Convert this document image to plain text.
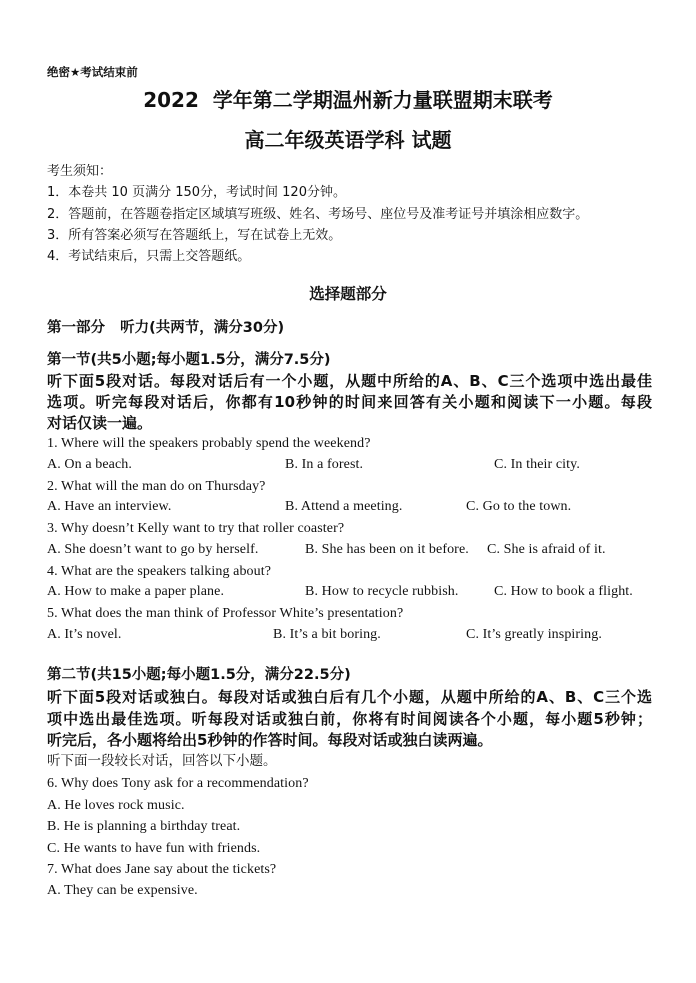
绝密★考试结束前
2022  学年第二学期温州新力量联盟期末联考
高二年级英语学科 试题
考生须知：
1．本卷共 10 页满分 150分，考试时间 120分钟。
2．答题前，在答题卷指定区域填写班级、姓名、考场号、座位号及准考证号并填涂相应数字。
3．所有答案必须写在答题纸上，写在试卷上无效。
4．考试结束后，只需上交答题纸。
选择题部分
第一部分   听力(共两节，满分30分)
第一节(共5小题;每小题1.5分，满分7.5分)
听下面5段对话。每段对话后有一个小题，从题中所给的A、B、C三个选项中选出最佳
选项。听完每段对话后，你都有10秒钟的时间来回答有关小题和阅读下一小题。每段
对话仅读一遍。
1. Where will the speakers probably spend the weekend?
A. On a beach.	B. In a forest.	C. In their city.
2. What will the man do on Thursday?
A. Have an interview.	B. Attend a meeting.	C. Go to the town.
3. Why doesn’t Kelly want to try that roller coaster?
A. She doesn’t want to go by herself.	B. She has been on it before. C. She is afraid of it.
4. What are the speakers talking about?
A. How to make a paper plane.	B. How to recycle rubbish.	C. How to book a flight.
5. What does the man think of Professor White’s presentation?
A. It’s novel.	B. It’s a bit boring.	C. It’s greatly inspiring.
第二节(共15小题;每小题1.5分，满分22.5分)
听下面5段对话或独白。每段对话或独白后有几个小题，从题中所给的A、B、C三个选
项中选出最佳选项。听每段对话或独白前，你将有时间阅读各个小题，每小题5秒钟；
听完后，各小题将给出5秒钟的作答时间。每段对话或独白读两遍。
听下面一段较长对话，回答以下小题。
6. Why does Tony ask for a recommendation?
A. He loves rock music.
B. He is planning a birthday treat.
C. He wants to have fun with friends.
7. What does Jane say about the tickets?
A. They can be expensive.
